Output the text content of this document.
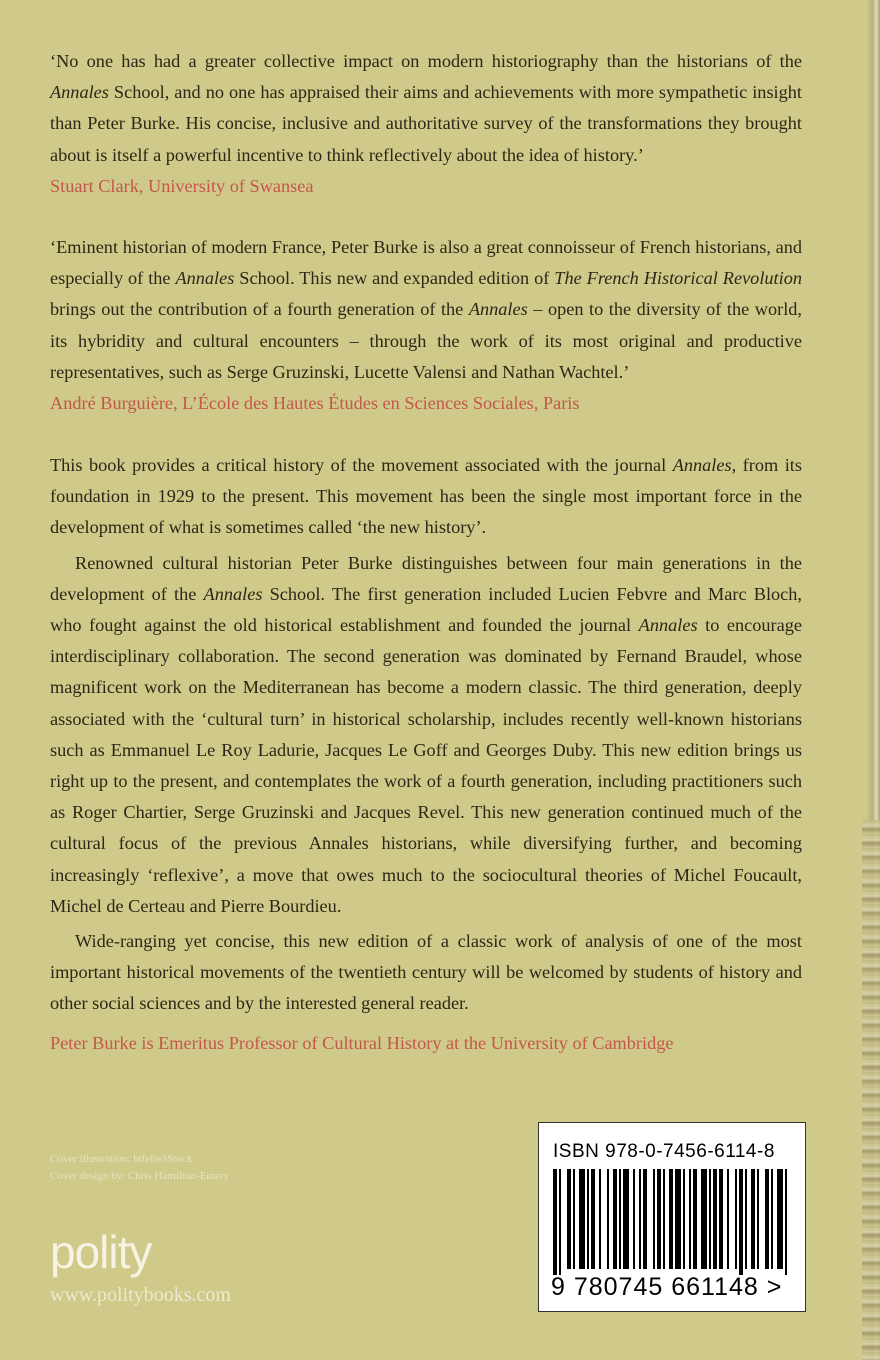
‘No one has had a greater collective impact on modern historiography than the historians of the Annales School, and no one has appraised their aims and achievements with more sympathetic insight than Peter Burke. His concise, inclusive and authoritative survey of the transformations they brought about is itself a powerful incentive to think reflectively about the idea of history.’

Stuart Clark, University of Swansea

‘Eminent historian of modern France, Peter Burke is also a great connoisseur of French historians, and especially of the Annales School. This new and expanded edition of The French Historical Revolution brings out the contribution of a fourth generation of the Annales – open to the diversity of the world, its hybridity and cultural encounters – through the work of its most original and productive representatives, such as Serge Gruzinski, Lucette Valensi and Nathan Wachtel.’

André Burguière, L’École des Hautes Études en Sciences Sociales, Paris

This book provides a critical history of the movement associated with the journal Annales, from its foundation in 1929 to the present. This movement has been the single most important force in the development of what is sometimes called ‘the new history’.

Renowned cultural historian Peter Burke distinguishes between four main generations in the development of the Annales School. The first generation included Lucien Febvre and Marc Bloch, who fought against the old historical establishment and founded the journal Annales to encourage interdisciplinary collaboration. The second generation was dominated by Fernand Braudel, whose magnificent work on the Mediterranean has become a modern classic. The third generation, deeply associated with the ‘cultural turn’ in historical scholarship, includes recently well-known historians such as Emmanuel Le Roy Ladurie, Jacques Le Goff and Georges Duby. This new edition brings us right up to the present, and contemplates the work of a fourth generation, including practitioners such as Roger Chartier, Serge Gruzinski and Jacques Revel. This new generation continued much of the cultural focus of the previous Annales historians, while diversifying further, and becoming increasingly ‘reflexive’, a move that owes much to the sociocultural theories of Michel Foucault, Michel de Certeau and Pierre Bourdieu.

Wide-ranging yet concise, this new edition of a classic work of analysis of one of the most important historical movements of the twentieth century will be welcomed by students of history and other social sciences and by the interested general reader.

Peter Burke is Emeritus Professor of Cultural History at the University of Cambridge
Cover illustration: htfelie/iStock
Cover design by: Chris Hamilton-Emery
polity
www.politybooks.com
ISBN 978-0-7456-6114-8
9 780745 661148 >
